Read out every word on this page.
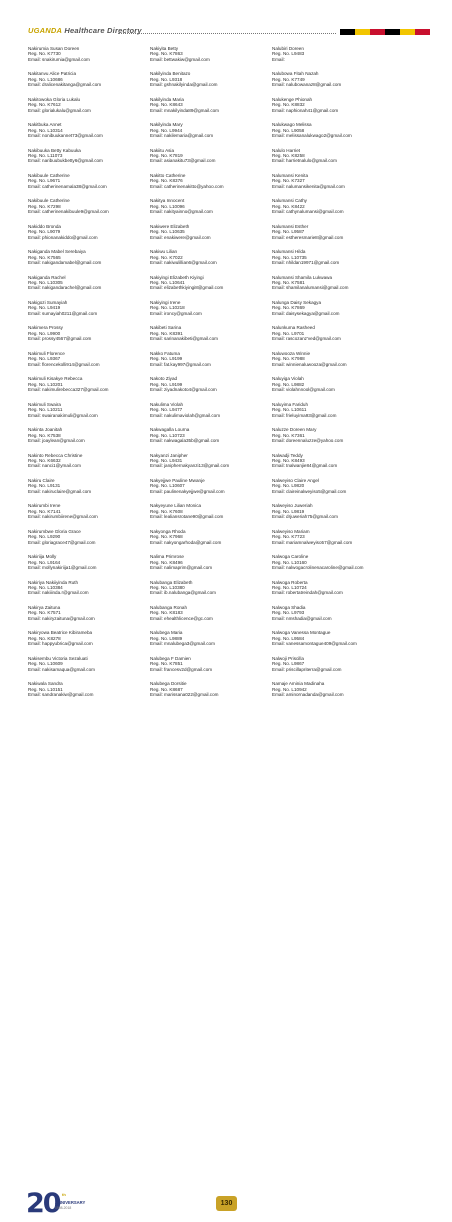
UGANDA Healthcare Directory
Nakirumia Susan Doreen
Reg. No. K7730
Email: snakirumia@gmail.com
Nakitanvu Alice Patricia
Reg. No. L10686
Email: dralicenakitanga@gmail.com
Nakitowoka Gloria Lukalu
Reg. No. K7612
Email: glorialukalu@gmail.com
Nakitbuka Annet
Reg. No. L10314
Email: nonibuukannet73@gmail.com
Nakibuuka Betty Kabuuka
Reg. No. L11073
Email: naribuubukbetty6@gmail.com
Nakibuule Catherine
Reg. No. L9671
Email: catherinenamala38@gmail.com
Nakibuule Catherine
Reg. No. K7298
Email: catherinenakibuule9@gmail.com
Nakiddo Bronda
Reg. No. L9079
Email: phionanakiddo@gmail.com
Nakiganda Mabel Serebaiya
Reg. No. K7565
Email: nakigandamabel@gmail.com
Nakiganda Rachel
Reg. No. L10305
Email: nakigandarachel@gmail.com
Nakigozi Sumayiah
Reg. No. L9419
Email: sumayiah0211@gmail.com
Nakimera Prossy
Reg. No. L9900
Email: prossy4567@gmail.com
Nakimuli Florence
Reg. No. L9367
Email: florencekolli914@gmail.com
Nakimuli Kisakye Rebecca
Reg. No. L10201
Email: nakimulirebecca327@gmail.com
Nakimuli Swaira
Reg. No. L10211
Email: swairanakimuli@gmail.com
Nakinta Joanitah
Reg. No. K7538
Email: joaylean@gmail.com
Nakinto Rebecca Christine
Reg. No. K6632
Email: nanci1@ymail.com
Nakiru Claire
Reg. No. L9131
Email: nakiruclaire@gmail.com
Nakirumbi Irene
Reg. No. K7141
Email: nakirumbiirene@gmail.com
Nakirumbwe Gloria Grace
Reg. No. L9290
Email: gloriagrace47@gmail.com
Nakiriija Molly
Reg. No. L9164
Email: mollynakiriija1@gmail.com
Nakiriya Nakiiyinda Ruth
Reg. No. L10384
Email: nakiiinda.r@gmail.com
Nakirya Zaituna
Reg. No. K7571
Email: nakiryzaituna@gmail.com
Nakiryowa Beatrice Kibirameba
Reg. No. K8278
Email: happyubrica@gmail.com
Nakisembu Victoria Sezaluati
Reg. No. L10609
Email: nakisamaqua@gmail.com
Nakiwala Sandra
Reg. No. L10151
Email: sandranakiw@gmail.com
Nakiyita Betty
Reg. No. K7863
Email: bettwakiw@gmail.com
Nakilyinda Benitazo
Reg. No. L9318
Email: gshnakilyinda@gmail.com
Nakilyinda Maria
Reg. No. K8643
Email: mnakilyinda89@gmail.com
Nakilyinda Mary
Reg. No. L9944
Email: nakilemaria@gmail.com
Nakiitu Asia
Reg. No. K7819
Email: asianakitu73@gmail.com
Nakitto Catherine
Reg. No. K8376
Email: catherinenakitto@yahoo.com
Nakitya Innocent
Reg. No. L10096
Email: nakityainno@gmail.com
Nakiwere Elizabeth
Reg. No. L10635
Email: enakiwere@gmail.com
Nakiwu Lilian
Reg. No. K7022
Email: nakiwulillian6@gmail.com
Nakiyingi Elizabeth Kiyingi
Reg. No. L10641
Email: elizabethkiyingi8@gmail.com
Nakiyingi Irene
Reg. No. L10218
Email: ironcy@gmail.com
Nakibeti Sarina
Reg. No. K8391
Email: sarinanakibeti@gmail.com
Nakko Fatuma
Reg. No. L9199
Email: fat.kay997@gmail.com
Nakoto Ziyad
Reg. No. L9199
Email: ziyadnakoto4@gmail.com
Nakulima Violah
Reg. No. L9477
Email: nakulimaviolah@gmail.com
Nakwagalla Lourna
Reg. No. L10723
Email: nakwagala35b@gmail.com
Nakyanzi Janipher
Reg. No. L9431
Email: janiphernakyanzi13@gmail.com
Nakyejjwe Pauline Mwanje
Reg. No. L10607
Email: paulinenakyejjwe@gmail.com
Nakyeyune Lilian Monica
Reg. No. K7608
Email: lealiansrotane90@gmail.com
Nakyonga Rhoda
Reg. No. K7968
Email: nakyongarhoda@gmail.com
Nalima Primrose
Reg. No. K8496
Email: nalimaprim@gmail.com
Nalubanga Elizabeth
Reg. No. L10380
Email: ib.nalubanga@gmail.com
Nalubanga Ronah
Reg. No. K8183
Email: ehealthlicence@gc.com
Nalubega Maria
Reg. No. L9889
Email: mnalubega3@gmail.com
Nalubega F Damien
Reg. No. K7851
Email: francesv2d@gmail.com
Nalubega Dorsitie
Reg. No. K8687
Email: marissana022@gmail.com
Nalubiri Doreen
Reg. No. L9483
Email:
Nalubowa Fitah Nazah
Reg. No. K7749
Email: nalubowanaz8@gmail.com
Nalukenge Phionah
Reg. No. K8832
Email: naphionah41@gmail.com
Nalukwago Melissa
Reg. No. L9058
Email: melissanalukwago2@gmail.com
Nalulo Harriet
Reg. No. K8258
Email: harrietnalulo@gmail.com
Nalumansi Kenita
Reg. No. K7327
Email: nalumansikenita@gmail.com
Nalumansi Cathy
Reg. No. K8422
Email: cathynalumansi@gmail.com
Nalumansi Esther
Reg. No. L9587
Email: estheresmarie8@gmail.com
Nalumansi Hilda
Reg. No. L10735
Email: nhildan19971@gmail.com
Nalumansi Shamila Lukwawa
Reg. No. K7581
Email: shamilanalumansi@gmail.com
Nalunga Daisy Sekagya
Reg. No. K7869
Email: daisysekagya@gmail.com
Nalunkuma Rasheed
Reg. No. L9701
Email: rascozanz'ved@gmail.com
Naluwooza Winnie
Reg. No. K7988
Email: winnienaluwooza@gmail.com
Naluyiga Violah
Reg. No. L9882
Email: violahnnool@gmail.com
Naluyima Fariduh
Reg. No. L10611
Email: frieluyima93@gmail.com
Naluzze Doreen Mary
Reg. No. K7361
Email: doreennaluzze@yahoo.com
Nalwadji Teddy
Reg. No. K8493
Email: tnalwanjie84@gmail.com
Nalweyiso Claire Angel
Reg. No. L9820
Email: claireinalweyiso5@gmail.com
Nalweyiso Juweriah
Reg. No. L9819
Email: drjuweriah75@gmail.com
Nalweyiso Mariam
Reg. No. K7723
Email: mariamnalweyiso57@gmail.com
Nalwoga Caroline
Reg. No. L10160
Email: nalwogacrolinenacaroline@gmail.com
Nalwoga Roberta
Reg. No. L10724
Email: robertatreindah@gmail.com
Nalwoga Shadia
Reg. No. L9793
Email: nmshadia@gmail.com
Nalwoga Vanessa Montague
Reg. No. L9584
Email: vanessamontague409@gmail.com
Nalwoji Priscilla
Reg. No. L9867
Email: priscillapriterra@gmail.com
Namaje Aminia Madinaha
Reg. No. L10942
Email: aminornadanda@gmail.com
20 th
ANNIVERSARY
1998-2018
130
